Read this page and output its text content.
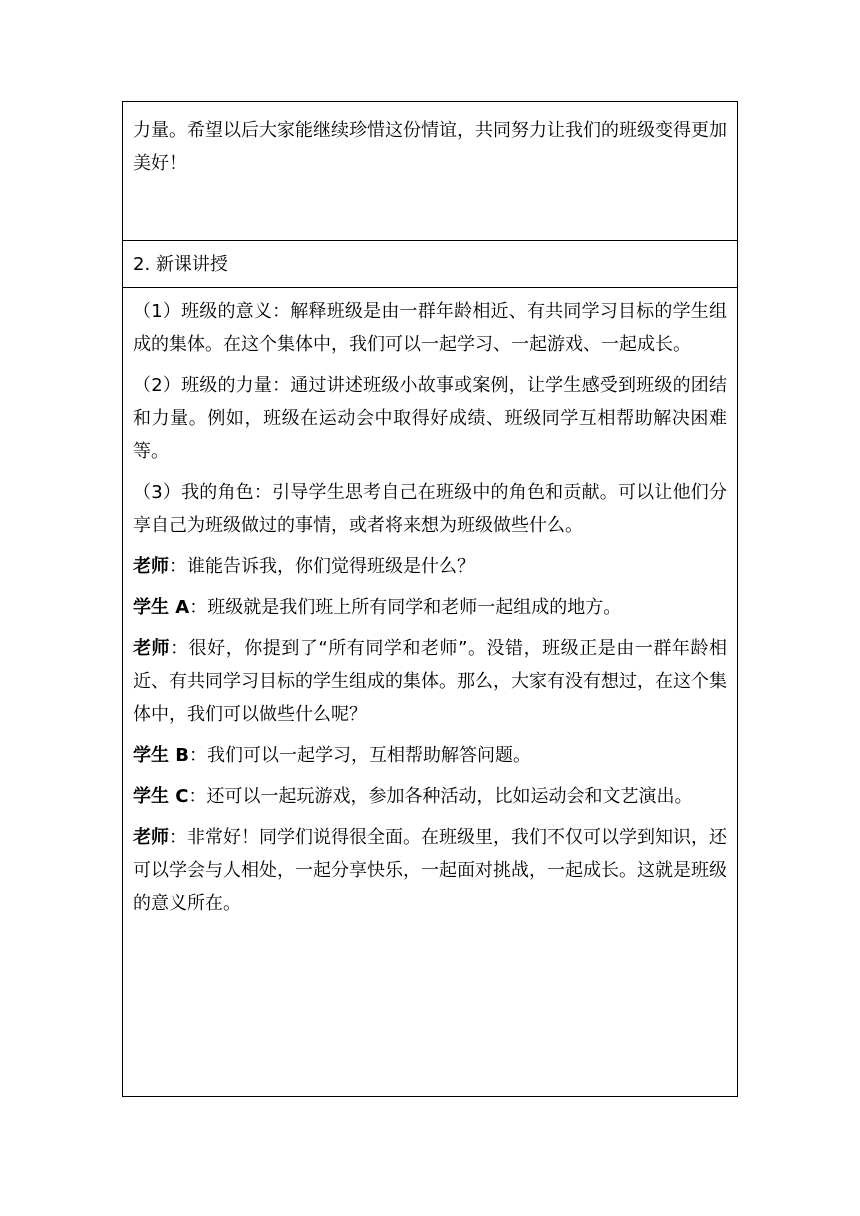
力量。希望以后大家能继续珍惜这份情谊，共同努力让我们的班级变得更加美好！

2. 新课讲授

（1）班级的意义：解释班级是由一群年龄相近、有共同学习目标的学生组成的集体。在这个集体中，我们可以一起学习、一起游戏、一起成长。

（2）班级的力量：通过讲述班级小故事或案例，让学生感受到班级的团结和力量。例如，班级在运动会中取得好成绩、班级同学互相帮助解决困难等。

（3）我的角色：引导学生思考自己在班级中的角色和贡献。可以让他们分享自己为班级做过的事情，或者将来想为班级做些什么。

老师：谁能告诉我，你们觉得班级是什么？

学生 A：班级就是我们班上所有同学和老师一起组成的地方。

老师：很好，你提到了“所有同学和老师”。没错，班级正是由一群年龄相近、有共同学习目标的学生组成的集体。那么，大家有没有想过，在这个集体中，我们可以做些什么呢？

学生 B：我们可以一起学习，互相帮助解答问题。

学生 C：还可以一起玩游戏，参加各种活动，比如运动会和文艺演出。

老师：非常好！同学们说得很全面。在班级里，我们不仅可以学到知识，还可以学会与人相处，一起分享快乐，一起面对挑战，一起成长。这就是班级的意义所在。
